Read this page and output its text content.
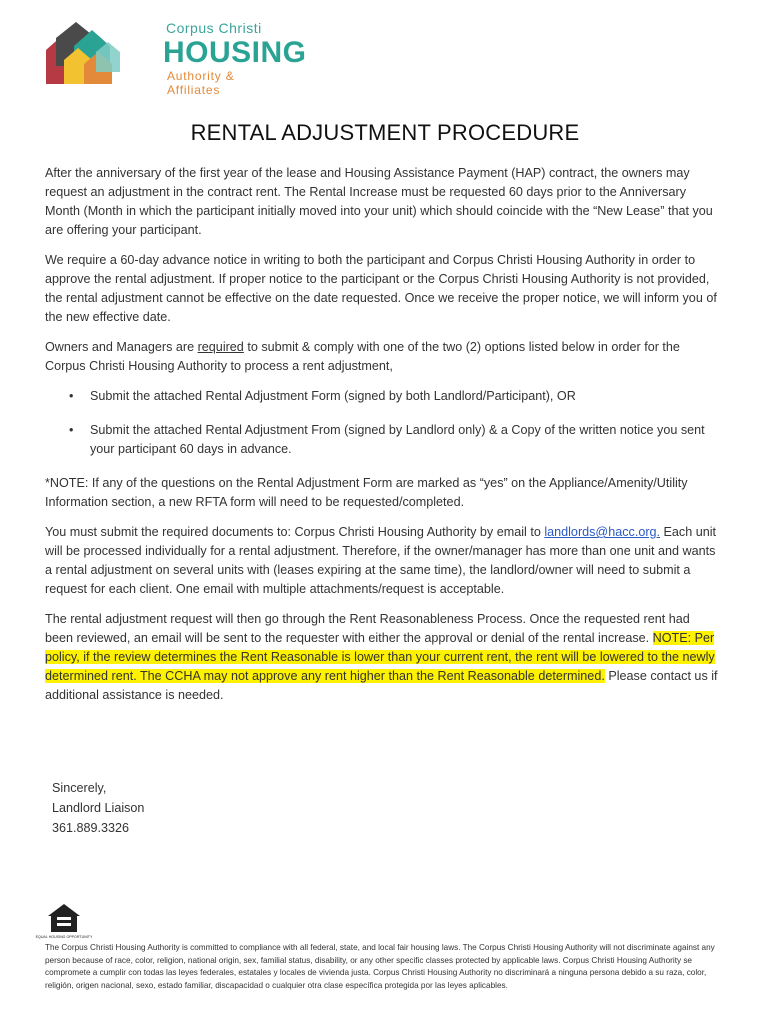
Corpus Christi
HOUSING
Authority & Affiliates
RENTAL ADJUSTMENT PROCEDURE

After the anniversary of the first year of the lease and Housing Assistance Payment (HAP) contract, the owners may request an adjustment in the contract rent. The Rental Increase must be requested 60 days prior to the Anniversary Month (Month in which the participant initially moved into your unit) which should coincide with the “New Lease” that you are offering your participant.

We require a 60-day advance notice in writing to both the participant and Corpus Christi Housing Authority in order to approve the rental adjustment. If proper notice to the participant or the Corpus Christi Housing Authority is not provided, the rental adjustment cannot be effective on the date requested. Once we receive the proper notice, we will inform you of the new effective date.

Owners and Managers are required to submit & comply with one of the two (2) options listed below in order for the Corpus Christi Housing Authority to process a rent adjustment,

• Submit the attached Rental Adjustment Form (signed by both Landlord/Participant), OR
• Submit the attached Rental Adjustment From (signed by Landlord only) & a Copy of the written notice you sent your participant 60 days in advance.

*NOTE: If any of the questions on the Rental Adjustment Form are marked as “yes” on the Appliance/Amenity/Utility Information section, a new RFTA form will need to be requested/completed.

You must submit the required documents to: Corpus Christi Housing Authority by email to landlords@hacc.org. Each unit will be processed individually for a rental adjustment. Therefore, if the owner/manager has more than one unit and wants a rental adjustment on several units with (leases expiring at the same time), the landlord/owner will need to submit a request for each client. One email with multiple attachments/request is acceptable.

The rental adjustment request will then go through the Rent Reasonableness Process. Once the requested rent had been reviewed, an email will be sent to the requester with either the approval or denial of the rental increase. NOTE: Per policy, if the review determines the Rent Reasonable is lower than your current rent, the rent will be lowered to the newly determined rent. The CCHA may not approve any rent higher than the Rent Reasonable determined. Please contact us if additional assistance is needed.

Sincerely,
Landlord Liaison
361.889.3326
EQUAL HOUSING OPPORTUNITY
The Corpus Christi Housing Authority is committed to compliance with all federal, state, and local fair housing laws. The Corpus Christi Housing Authority will not discriminate against any person because of race, color, religion, national origin, sex, familial status, disability, or any other specific classes protected by applicable laws. Corpus Christi Housing Authority se compromete a cumplir con todas las leyes federales, estatales y locales de vivienda justa. Corpus Christi Housing Authority no discriminará a ninguna persona debido a su raza, color, religión, origen nacional, sexo, estado familiar, discapacidad o cualquier otra clase específica protegida por las leyes aplicables.
